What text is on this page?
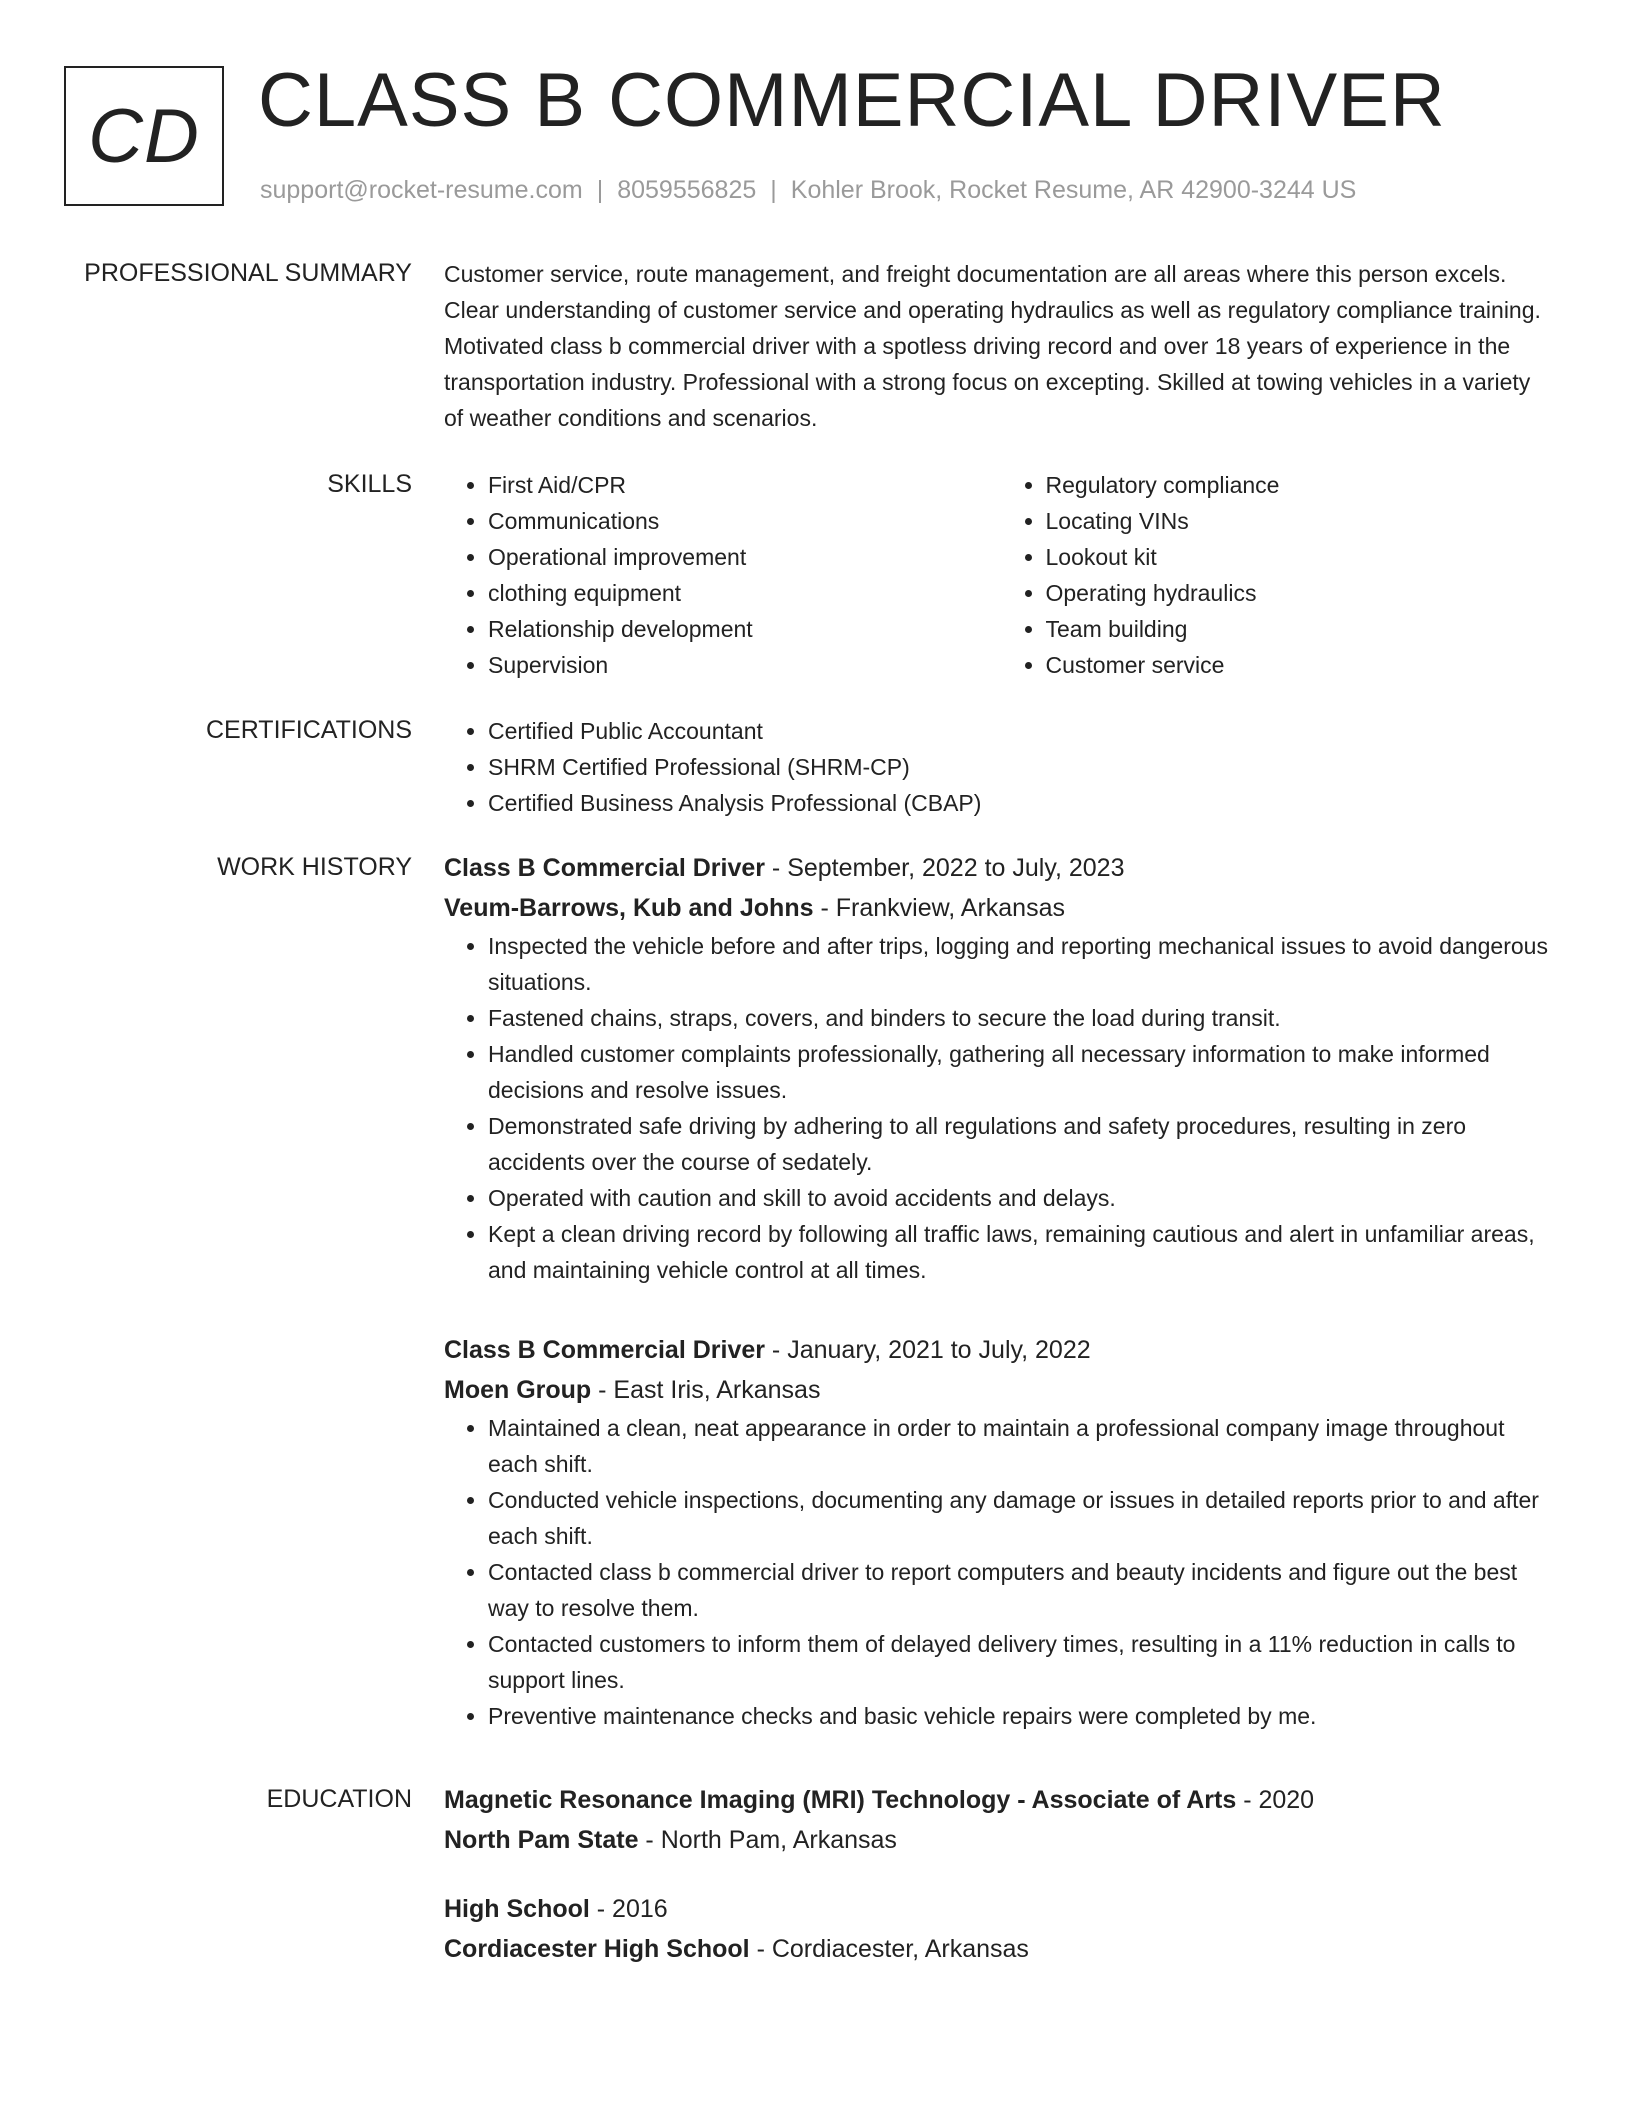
CD CLASS B COMMERCIAL DRIVER
support@rocket-resume.com | 8059556825 | Kohler Brook, Rocket Resume, AR 42900-3244 US
PROFESSIONAL SUMMARY Customer service, route management, and freight documentation are all areas where this person excels. Clear understanding of customer service and operating hydraulics as well as regulatory compliance training. Motivated class b commercial driver with a spotless driving record and over 18 years of experience in the transportation industry. Professional with a strong focus on excepting. Skilled at towing vehicles in a variety of weather conditions and scenarios.

SKILLS	• First Aid/CPR
• Communications
• Operational improvement
• clothing equipment
• Relationship development
• Supervision
• Regulatory compliance
• Locating VINs
• Lookout kit
• Operating hydraulics
• Team building
• Customer service
CERTIFICATIONS	• Certified Public Accountant
• SHRM Certified Professional (SHRM-CP)
• Certified Business Analysis Professional (CBAP)
WORK HISTORY Class B Commercial Driver - September, 2022 to July, 2023
Veum-Barrows, Kub and Johns - Frankview, Arkansas
• Inspected the vehicle before and after trips, logging and reporting mechanical issues to avoid dangerous situations.
• Fastened chains, straps, covers, and binders to secure the load during transit.
• Handled customer complaints professionally, gathering all necessary information to make informed decisions and resolve issues.
• Demonstrated safe driving by adhering to all regulations and safety procedures, resulting in zero accidents over the course of sedately.
• Operated with caution and skill to avoid accidents and delays.
• Kept a clean driving record by following all traffic laws, remaining cautious and alert in unfamiliar areas, and maintaining vehicle control at all times.
Class B Commercial Driver - January, 2021 to July, 2022
Moen Group - East Iris, Arkansas
• Maintained a clean, neat appearance in order to maintain a professional company image throughout each shift.
• Conducted vehicle inspections, documenting any damage or issues in detailed reports prior to and after each shift.
• Contacted class b commercial driver to report computers and beauty incidents and figure out the best way to resolve them.
• Contacted customers to inform them of delayed delivery times, resulting in a 11% reduction in calls to support lines.
• Preventive maintenance checks and basic vehicle repairs were completed by me.
EDUCATION Magnetic Resonance Imaging (MRI) Technology - Associate of Arts - 2020
North Pam State - North Pam, Arkansas
High School - 2016
Cordiacester High School - Cordiacester, Arkansas
